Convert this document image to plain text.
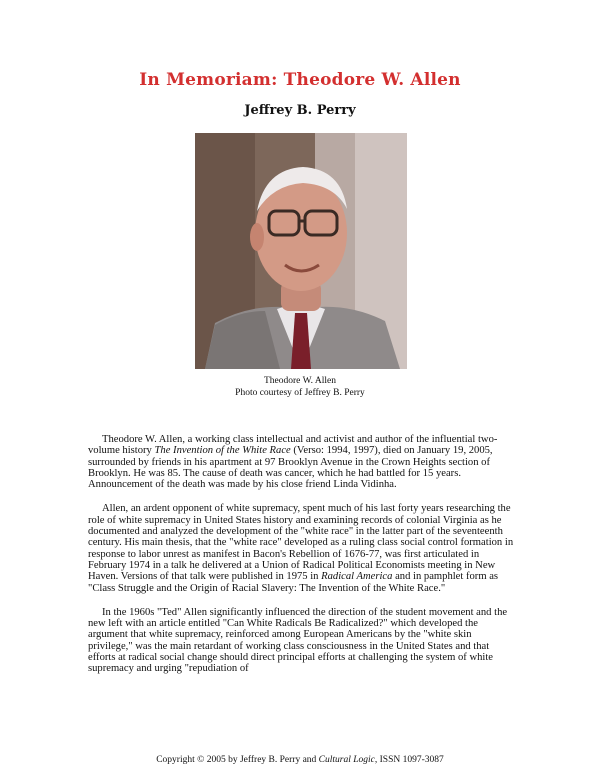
In Memoriam: Theodore W. Allen
Jeffrey B. Perry
Theodore W. Allen
Photo courtesy of Jeffrey B. Perry

Theodore W. Allen, a working class intellectual and activist and author of the influential two-volume history The Invention of the White Race (Verso: 1994, 1997), died on January 19, 2005, surrounded by friends in his apartment at 97 Brooklyn Avenue in the Crown Heights section of Brooklyn. He was 85. The cause of death was cancer, which he had battled for 15 years. Announcement of the death was made by his close friend Linda Vidinha.

Allen, an ardent opponent of white supremacy, spent much of his last forty years researching the role of white supremacy in United States history and examining records of colonial Virginia as he documented and analyzed the development of the "white race" in the latter part of the seventeenth century. His main thesis, that the "white race" developed as a ruling class social control formation in response to labor unrest as manifest in Bacon's Rebellion of 1676-77, was first articulated in February 1974 in a talk he delivered at a Union of Radical Political Economists meeting in New Haven. Versions of that talk were published in 1975 in Radical America and in pamphlet form as "Class Struggle and the Origin of Racial Slavery: The Invention of the White Race."

In the 1960s "Ted" Allen significantly influenced the direction of the student movement and the new left with an article entitled "Can White Radicals Be Radicalized?" which developed the argument that white supremacy, reinforced among European Americans by the "white skin privilege," was the main retardant of working class consciousness in the United States and that efforts at radical social change should direct principal efforts at challenging the system of white supremacy and urging "repudiation of

Copyright © 2005 by Jeffrey B. Perry and Cultural Logic, ISSN 1097-3087
